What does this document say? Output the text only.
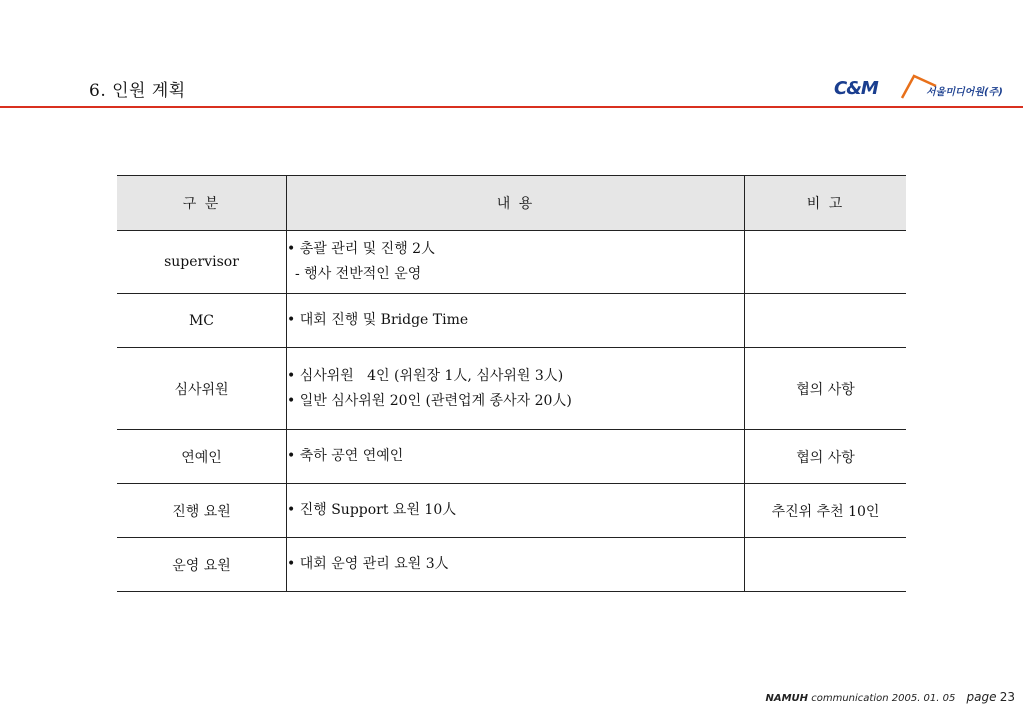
6. 인원 계획	C&M	서울미디어원(주)
구 분	내 용	비 고
supervisor	• 총괄 관리 및 진행 2人
- 행사 전반적인 운영	

MC	• 대회 진행 및 Bridge Time	

심사위원	• 심사위원   4인 (위원장 1人, 심사위원 3人)
• 일반 심사위원 20인 (관련업계 종사자 20人)	협의 사항
연예인	• 축하 공연 연예인	협의 사항
진행 요원	• 진행 Support 요원 10人	추진위 추천 10인
운영 요원	• 대회 운영 관리 요원 3人	

NAMUH communication 2005. 01. 05 page 23
